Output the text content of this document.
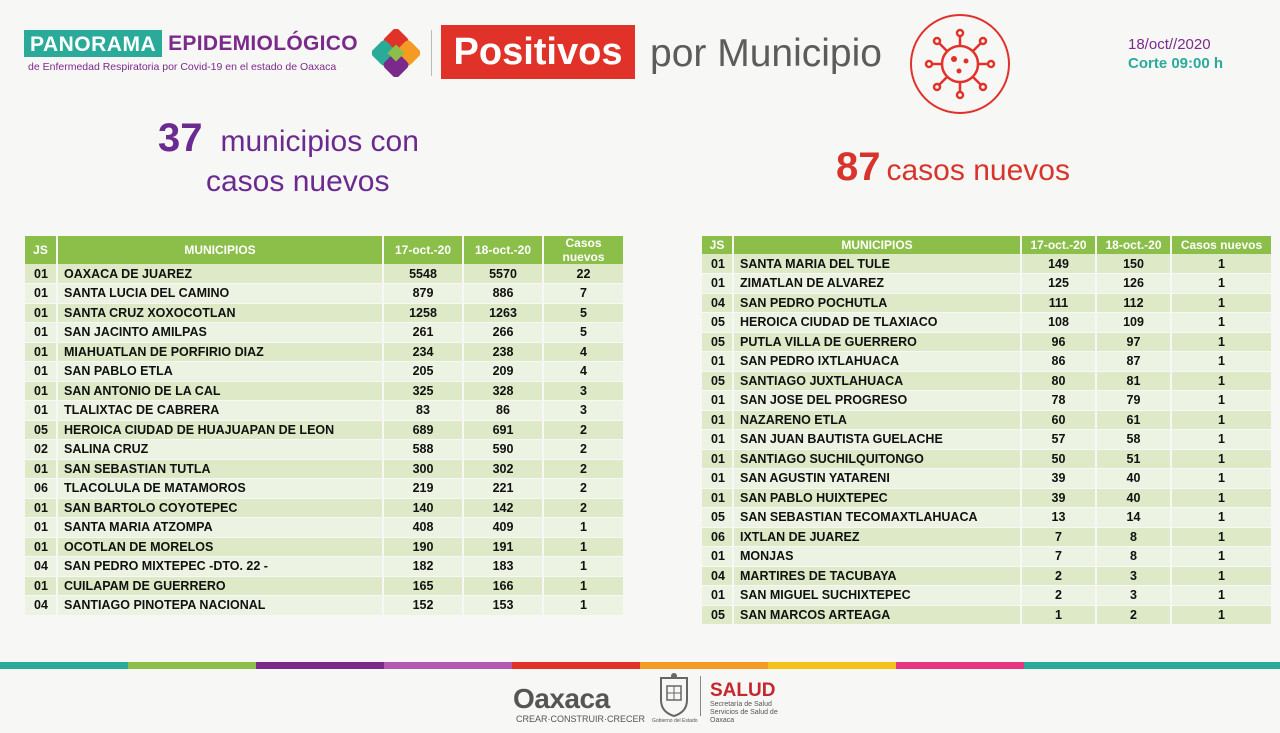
PANORAMA EPIDEMIOLÓGICO
de Enfermedad Respiratoria por Covid-19 en el estado de Oaxaca	Positivos por Municipio	18/oct//2020
Corte 09:00 h
37 municipios con
casos nuevos	87 casos nuevos
JS	MUNICIPIOS	17-oct.-20	18-oct.-20	Casos nuevos
01	OAXACA DE JUAREZ	5548	5570	22
01	SANTA LUCIA DEL CAMINO	879	886	7
01	SANTA CRUZ XOXOCOTLAN	1258	1263	5
01	SAN JACINTO AMILPAS	261	266	5
01	MIAHUATLAN DE PORFIRIO DIAZ	234	238	4
01	SAN PABLO ETLA	205	209	4
01	SAN ANTONIO DE LA CAL	325	328	3
01	TLALIXTAC DE CABRERA	83	86	3
05	HEROICA CIUDAD DE HUAJUAPAN DE LEON	689	691	2
02	SALINA CRUZ	588	590	2
01	SAN SEBASTIAN TUTLA	300	302	2
06	TLACOLULA DE MATAMOROS	219	221	2
01	SAN BARTOLO COYOTEPEC	140	142	2
01	SANTA MARIA ATZOMPA	408	409	1
01	OCOTLAN DE MORELOS	190	191	1
04	SAN PEDRO MIXTEPEC -DTO. 22 -	182	183	1
01	CUILAPAM DE GUERRERO	165	166	1
04	SANTIAGO PINOTEPA NACIONAL	152	153	1
JS	MUNICIPIOS	17-oct.-20	18-oct.-20	Casos nuevos
01	SANTA MARIA DEL TULE	149	150	1
01	ZIMATLAN DE ALVAREZ	125	126	1
04	SAN PEDRO POCHUTLA	111	112	1
05	HEROICA CIUDAD DE TLAXIACO	108	109	1
05	PUTLA VILLA DE GUERRERO	96	97	1
01	SAN PEDRO IXTLAHUACA	86	87	1
05	SANTIAGO JUXTLAHUACA	80	81	1
01	SAN JOSE DEL PROGRESO	78	79	1
01	NAZARENO ETLA	60	61	1
01	SAN JUAN BAUTISTA GUELACHE	57	58	1
01	SANTIAGO SUCHILQUITONGO	50	51	1
01	SAN AGUSTIN YATARENI	39	40	1
01	SAN PABLO HUIXTEPEC	39	40	1
05	SAN SEBASTIAN TECOMAXTLAHUACA	13	14	1
06	IXTLAN DE JUAREZ	7	8	1
01	MONJAS	7	8	1
04	MARTIRES DE TACUBAYA	2	3	1
01	SAN MIGUEL SUCHIXTEPEC	2	3	1
05	SAN MARCOS ARTEAGA	1	2	1
Oaxaca
CREAR·CONSTRUIR·CRECER Gobierno del Estado
SALUD
Secretaría de Salud Servicios de Salud de Oaxaca
